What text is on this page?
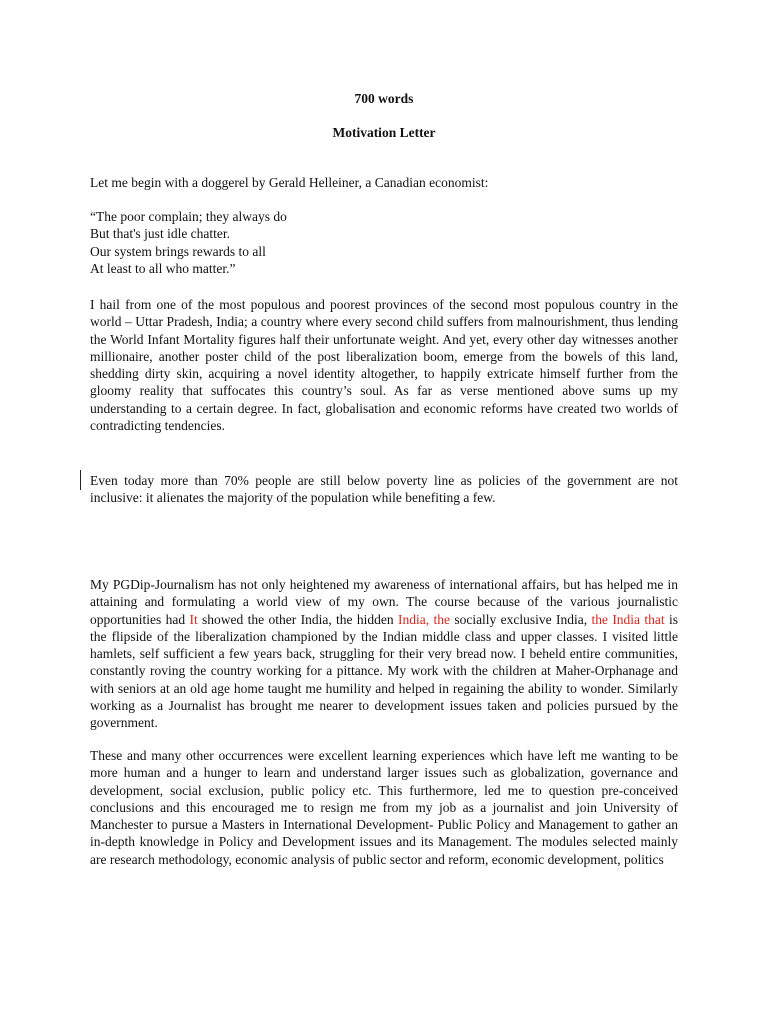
700 words

Motivation Letter

Let me begin with a doggerel by Gerald Helleiner, a Canadian economist:

“The poor complain; they always do
But that's just idle chatter.
Our system brings rewards to all
At least to all who matter.”

I hail from one of the most populous and poorest provinces of the second most populous country in the world – Uttar Pradesh, India; a country where every second child suffers from malnourishment, thus lending the World Infant Mortality figures half their unfortunate weight. And yet, every other day witnesses another millionaire, another poster child of the post liberalization boom, emerge from the bowels of this land, shedding dirty skin, acquiring a novel identity altogether, to happily extricate himself further from the gloomy reality that suffocates this country’s soul. As far as verse mentioned above sums up my understanding to a certain degree. In fact, globalisation and economic reforms have created two worlds of contradicting tendencies.

Even today more than 70% people are still below poverty line as policies of the government are not inclusive: it alienates the majority of the population while benefiting a few.

My PGDip-Journalism has not only heightened my awareness of international affairs, but has helped me in attaining and formulating a world view of my own. The course because of the various journalistic opportunities had It showed the other India, the hidden India, the socially exclusive India, the India that is the flipside of the liberalization championed by the Indian middle class and upper classes. I visited little hamlets, self sufficient a few years back, struggling for their very bread now. I beheld entire communities, constantly roving the country working for a pittance. My work with the children at Maher-Orphanage and with seniors at an old age home taught me humility and helped in regaining the ability to wonder. Similarly working as a Journalist has brought me nearer to development issues taken and policies pursued by the government.

These and many other occurrences were excellent learning experiences which have left me wanting to be more human and a hunger to learn and understand larger issues such as globalization, governance and development, social exclusion, public policy etc. This furthermore, led me to question pre-conceived conclusions and this encouraged me to resign me from my job as a journalist and join University of Manchester to pursue a Masters in International Development- Public Policy and Management to gather an in-depth knowledge in Policy and Development issues and its Management. The modules selected mainly are research methodology, economic analysis of public sector and reform, economic development, politics
